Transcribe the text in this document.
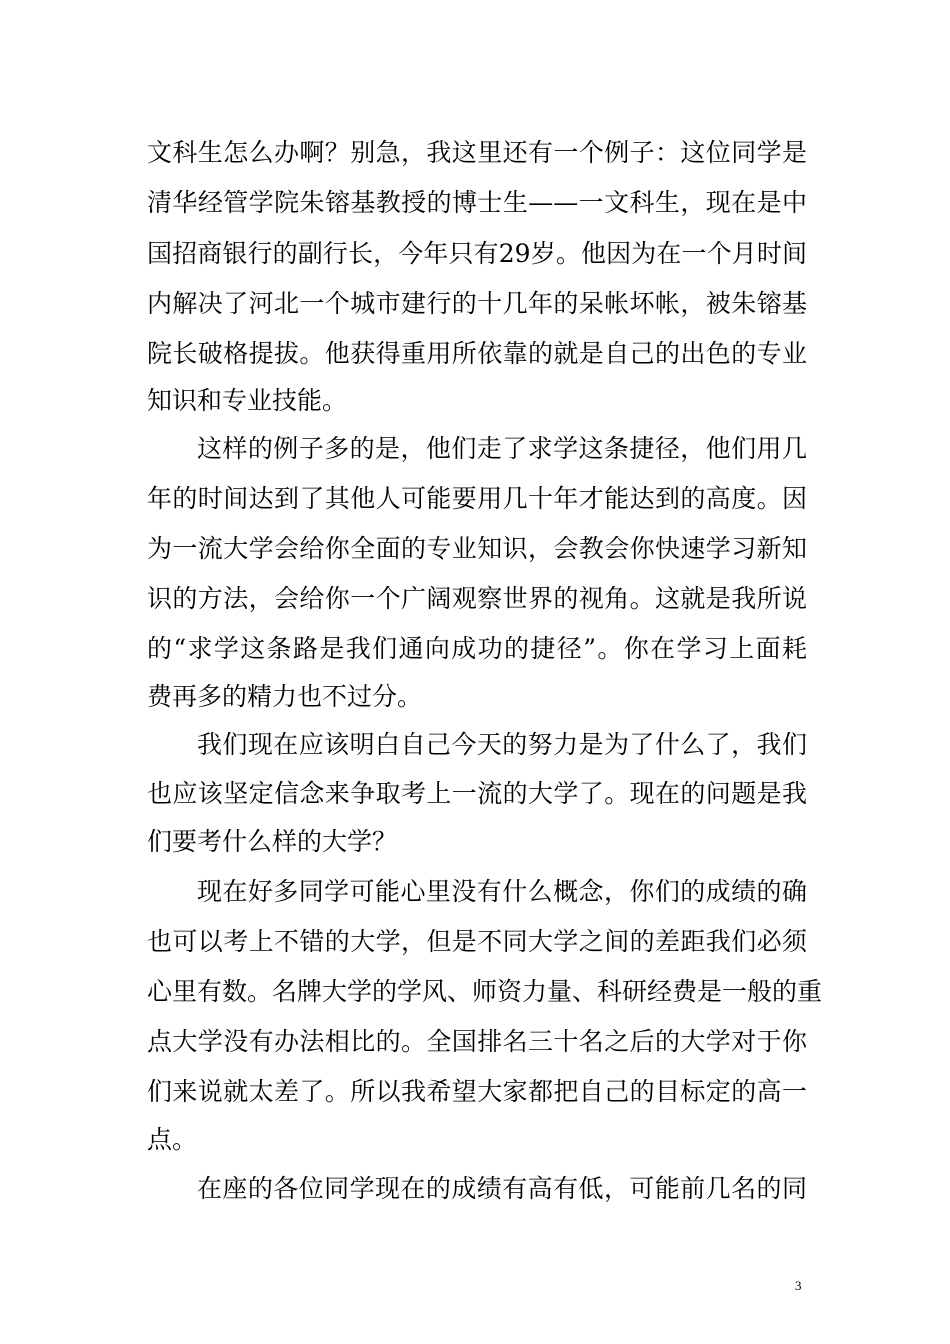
文科生怎么办啊？别急，我这里还有一个例子：这位同学是
清华经管学院朱镕基教授的博士生——一文科生，现在是中
国招商银行的副行长，今年只有29岁。他因为在一个月时间
内解决了河北一个城市建行的十几年的呆帐坏帐，被朱镕基
院长破格提拔。他获得重用所依靠的就是自己的出色的专业
知识和专业技能。
这样的例子多的是，他们走了求学这条捷径，他们用几
年的时间达到了其他人可能要用几十年才能达到的高度。因
为一流大学会给你全面的专业知识，会教会你快速学习新知
识的方法，会给你一个广阔观察世界的视角。这就是我所说
的“求学这条路是我们通向成功的捷径”。你在学习上面耗
费再多的精力也不过分。
我们现在应该明白自己今天的努力是为了什么了，我们
也应该坚定信念来争取考上一流的大学了。现在的问题是我
们要考什么样的大学？
现在好多同学可能心里没有什么概念，你们的成绩的确
也可以考上不错的大学，但是不同大学之间的差距我们必须
心里有数。名牌大学的学风、师资力量、科研经费是一般的重
点大学没有办法相比的。全国排名三十名之后的大学对于你
们来说就太差了。所以我希望大家都把自己的目标定的高一
点。
在座的各位同学现在的成绩有高有低，可能前几名的同
3
